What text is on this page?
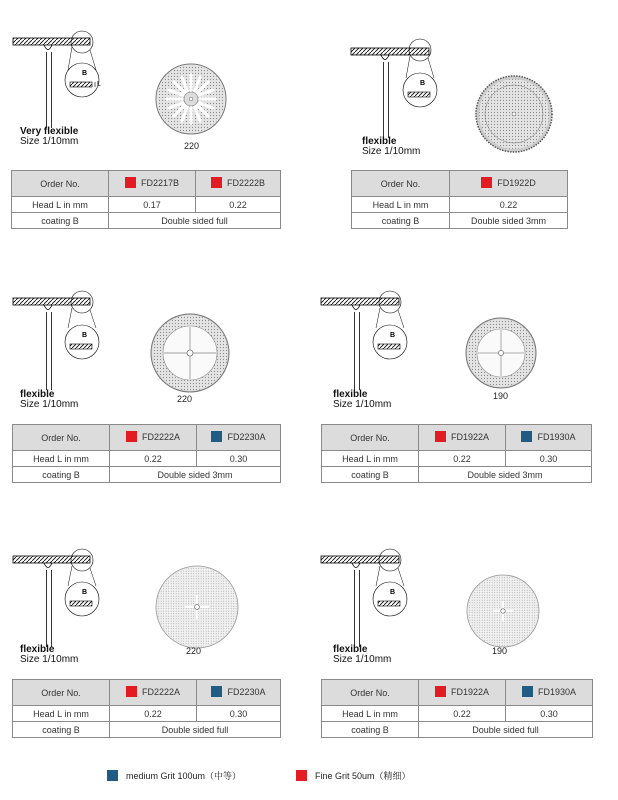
B
L
Very flexible
Size 1/10mm	220
Order No.	FD2217B	FD2222B
Head L in mm	0.17	0.22
coating B	Double sided full	
B
flexible
Size 1/10mm
Order No.	FD1922D
Head L in mm	0.22
coating B	Double sided 3mm
B
flexible
Size 1/10mm	220
Order No.	FD2222A	FD2230A
Head L in mm	0.22	0.30
coating B	Double sided 3mm	
B
flexible
Size 1/10mm
190
Order No.	FD1922A	FD1930A
Head L in mm	0.22	0.30
coating B	Double sided 3mm	
B
flexible
Size 1/10mm
220
Order No.	FD2222A	FD2230A
Head L in mm	0.22	0.30
coating B	Double sided full	
B
flexible
Size 1/10mm
190
Order No.	FD1922A	FD1930A
Head L in mm	0.22	0.30
coating B	Double sided full	
medium Grit 100um（中等）	Fine Grit 50um（精细）
